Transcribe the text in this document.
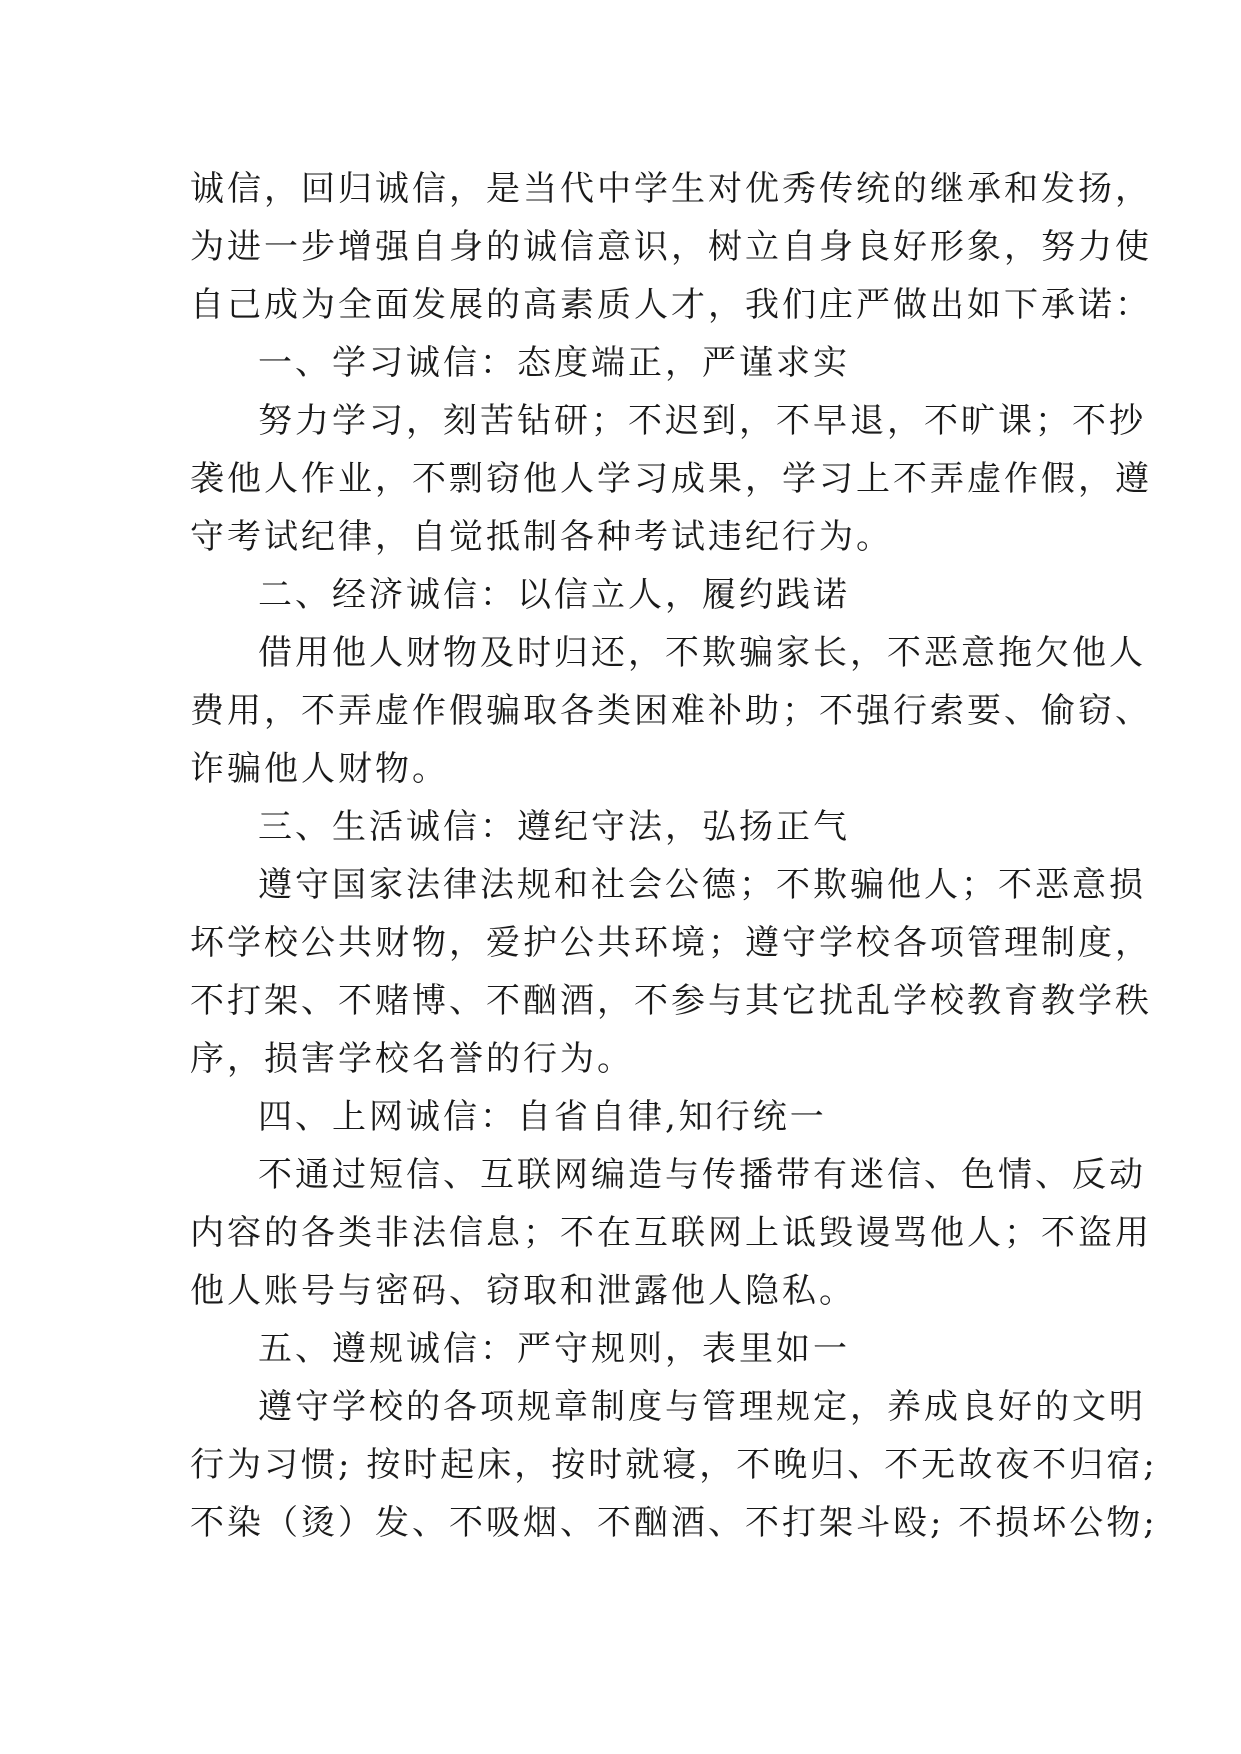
诚信，回归诚信，是当代中学生对优秀传统的继承和发扬，
为进一步增强自身的诚信意识，树立自身良好形象，努力使
自己成为全面发展的高素质人才，我们庄严做出如下承诺：
一、学习诚信：态度端正，严谨求实
努力学习，刻苦钻研；不迟到，不早退，不旷课；不抄
袭他人作业，不剽窃他人学习成果，学习上不弄虚作假，遵
守考试纪律，自觉抵制各种考试违纪行为。
二、经济诚信：以信立人，履约践诺
借用他人财物及时归还，不欺骗家长，不恶意拖欠他人
费用，不弄虚作假骗取各类困难补助；不强行索要、偷窃、
诈骗他人财物。
三、生活诚信：遵纪守法，弘扬正气
遵守国家法律法规和社会公德；不欺骗他人；不恶意损
坏学校公共财物，爱护公共环境；遵守学校各项管理制度，
不打架、不赌博、不酗酒，不参与其它扰乱学校教育教学秩
序，损害学校名誉的行为。
四、上网诚信：自省自律,知行统一
不通过短信、互联网编造与传播带有迷信、色情、反动
内容的各类非法信息；不在互联网上诋毁谩骂他人；不盗用
他人账号与密码、窃取和泄露他人隐私。
五、遵规诚信：严守规则，表里如一
遵守学校的各项规章制度与管理规定，养成良好的文明
行为习惯; 按时起床，按时就寝，不晚归、不无故夜不归宿;
不染（烫）发、不吸烟、不酗酒、不打架斗殴; 不损坏公物;
